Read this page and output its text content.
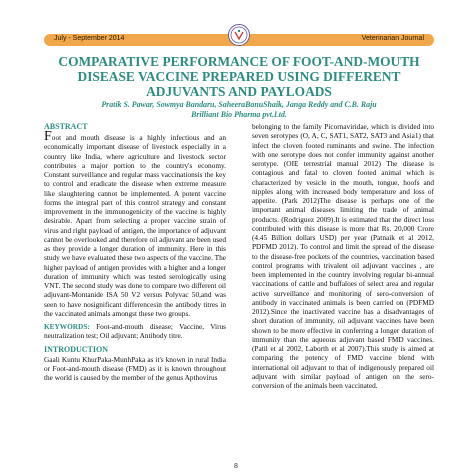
July - September 2014	Veterinarian Journal
COMPARATIVE PERFORMANCE OF FOOT-AND-MOUTH DISEASE VACCINE PREPARED USING DIFFERENT ADJUVANTS AND PAYLOADS
Pratik S. Pawar, Sowmya Bandaru, SaheeraBanuShaik, Janga Reddy and C.B. Raju
Brilliant Bio Pharma pvt.Ltd.
ABSTRACT

Foot and mouth disease is a highly infectious and an economically important disease of livestock especially in a country like India, where agriculture and livestock sector contributes a major portion to the country's economy. Constant surveillance and regular mass vaccinationsis the key to control and eradicate the disease when extreme measure like slaughtering cannot be implemented. A potent vaccine forms the integral part of this control strategy and constant improvement in the immunogenicity of the vaccine is highly desirable. Apart from selecting a proper vaccine strain of virus and right payload of antigen, the importance of adjuvant cannot be overlooked and therefore oil adjuvant are been used as they provide a longer duration of immunity. Here in this study we have evaluated these two aspects of the vaccine. The higher payload of antigen provides with a higher and a longer duration of immunity which was tested serologically using VNT. The second study was done to compare two different oil adjuvant-Montanide ISA 50 V2 versus Polyvac 50,and was seen to have nosignificant differencesin the antibody titres in the vaccinated animals amongst these two groups.

KEYWORDS: Foot-and-mouth disease; Vaccine, Virus neutralization test; Oil adjuvant; Antibody titre.

INTRODUCTION

Gaali Kuntu KhurPaka-MunhPaka as it's known in rural India or Foot-and-mouth disease (FMD) as it is known throughout the world is caused by the member of the genus Apthovirus

belonging to the family Picornaviridae, which is divided into seven serotypes (O, A, C, SAT1, SAT2, SAT3 and Asia1) that infect the cloven footed ruminants and swine. The infection with one serotype does not confer immunity against another serotype. (OIE terrestrial manual 2012) The disease is contagious and fatal to cloven footed animal which is characterized by vesicle in the mouth, tongue, hoofs and nipples along with increased body temperature and loss of appetite. (Park 2012)The disease is perhaps one of the important animal diseases limiting the trade of animal products. (Rodriguez 2009).It is estimated that the direct loss contributed with this disease is more that Rs. 20,000 Crore (4.45 Billion dollars USD) per year (Patnaik et al 2012, PDFMD 2012). To control and limit the spread of the disease to the disease-free pockets of the countries, vaccination based control programs with trivalent oil adjuvant vaccines , are been implemented in the country involving regular bi-annual vaccinations of cattle and buffaloes of select area and regular active surveillance and monitoring of sero-conversion of antibody in vaccinated animals is been carried on (PDFMD 2012).Since the inactivated vaccine has a disadvantages of short duration of immunity, oil adjuvant vaccines have been shown to be more effective in conferring a longer duration of immunity than the aqueous adjuvant based FMD vaccines. (Patil et al 2002, Laborth et al 2007).This study is aimed at comparing the potency of FMD vaccine blend with international oil adjuvant to that of indigenously prepared oil adjuvant with similar payload of antigen on the sero-conversion of the animals been vaccinated.

8
